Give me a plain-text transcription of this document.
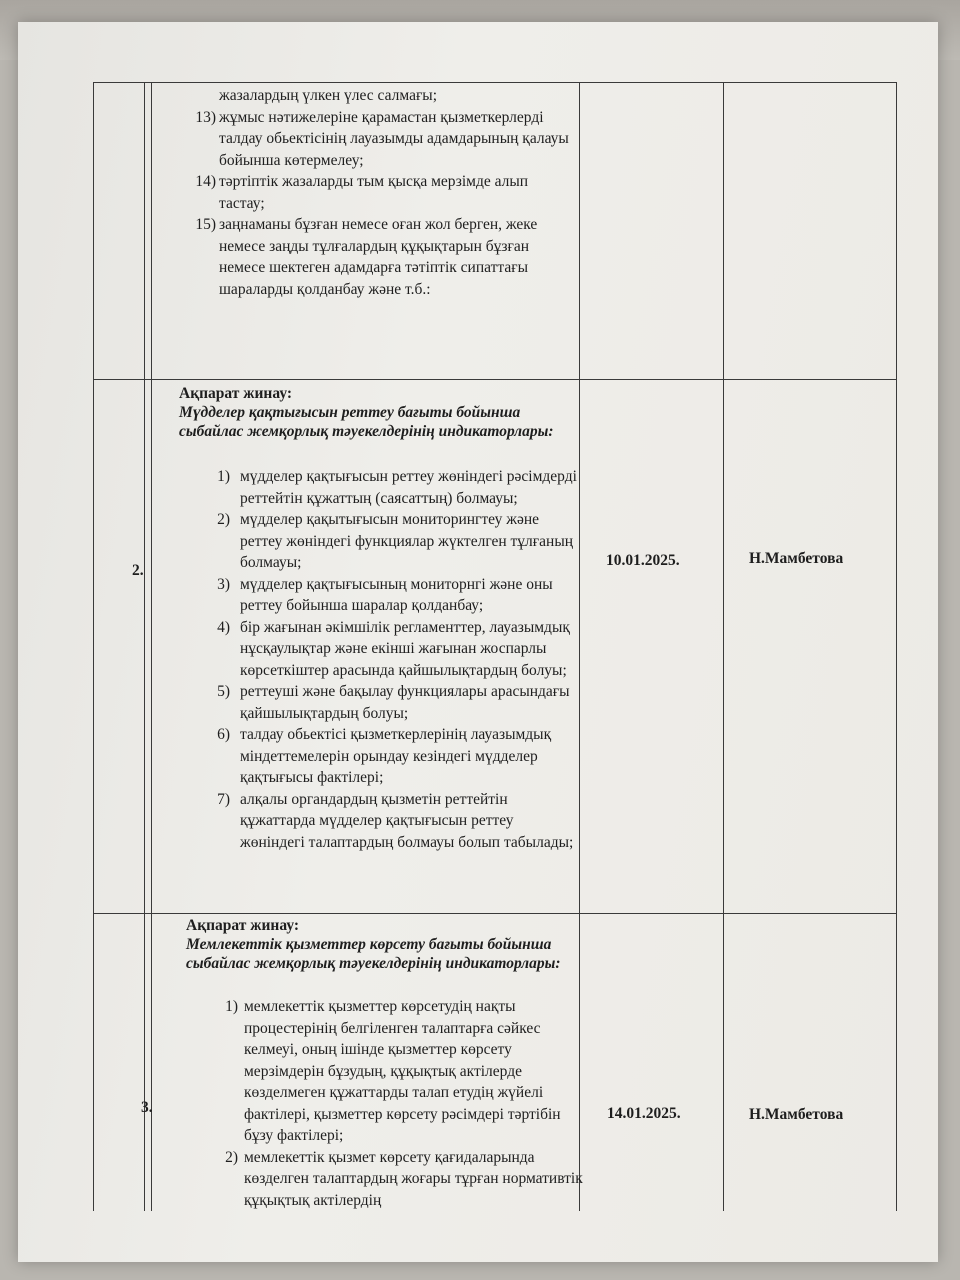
жазалардың үлкен үлес салмағы;
13) жұмыс нәтижелеріне қарамастан қызметкерлерді талдау обьектісінің лауазымды адамдарының қалауы бойынша көтермелеу;
14) тәртіптік жазаларды тым қысқа мерзімде алып тастау;
15) заңнаманы бұзған немесе оған жол берген, жеке немесе заңды тұлғалардың құқықтарын бұзған немесе шектеген адамдарға тәтіптік сипаттағы шараларды қолданбау және т.б.:
2.
Ақпарат жинау:
Мүдделер қақтығысын реттеу бағыты бойынша сыбайлас жемқорлық тәуекелдерінің индикаторлары:
1) мүдделер қақтығысын реттеу жөніндегі рәсімдерді реттейтін құжаттың (саясаттың) болмауы;
2) мүдделер қақытығысын мониторингтеу және реттеу жөніндегі функциялар жүктелген тұлғаның болмауы;
3) мүдделер қақтығысының мониторнгі және оны реттеу бойынша шаралар қолданбау;
4) бір жағынан әкімшілік регламенттер, лауазымдық нұсқаулықтар және екінші жағынан жоспарлы көрсеткіштер арасында қайшылықтардың болуы;
5) реттеуші және бақылау функциялары арасындағы қайшылықтардың болуы;
6) талдау обьектісі қызметкерлерінің лауазымдық міндеттемелерін орындау кезіндегі мүдделер қақтығысы фактілері;
7) алқалы органдардың қызметін реттейтін құжаттарда мүдделер қақтығысын реттеу жөніндегі талаптардың болмауы болып табылады;
10.01.2025.	Н.Мамбетова
3.
Ақпарат жинау:
Мемлекеттік қызметтер көрсету бағыты бойынша сыбайлас жемқорлық тәуекелдерінің индикаторлары:
1) мемлекеттік қызметтер көрсетудің нақты процестерінің белгіленген талаптарға сәйкес келмеуі, оның ішінде қызметтер көрсету мерзімдерін бұзудың, құқықтық актілерде көзделмеген құжаттарды талап етудің жүйелі фактілері, қызметтер көрсету рәсімдері тәртібін бұзу фактілері;
2) мемлекеттік қызмет көрсету қағидаларында көзделген талаптардың жоғары тұрған нормативтік құқықтық актілердің
14.01.2025.	Н.Мамбетова
